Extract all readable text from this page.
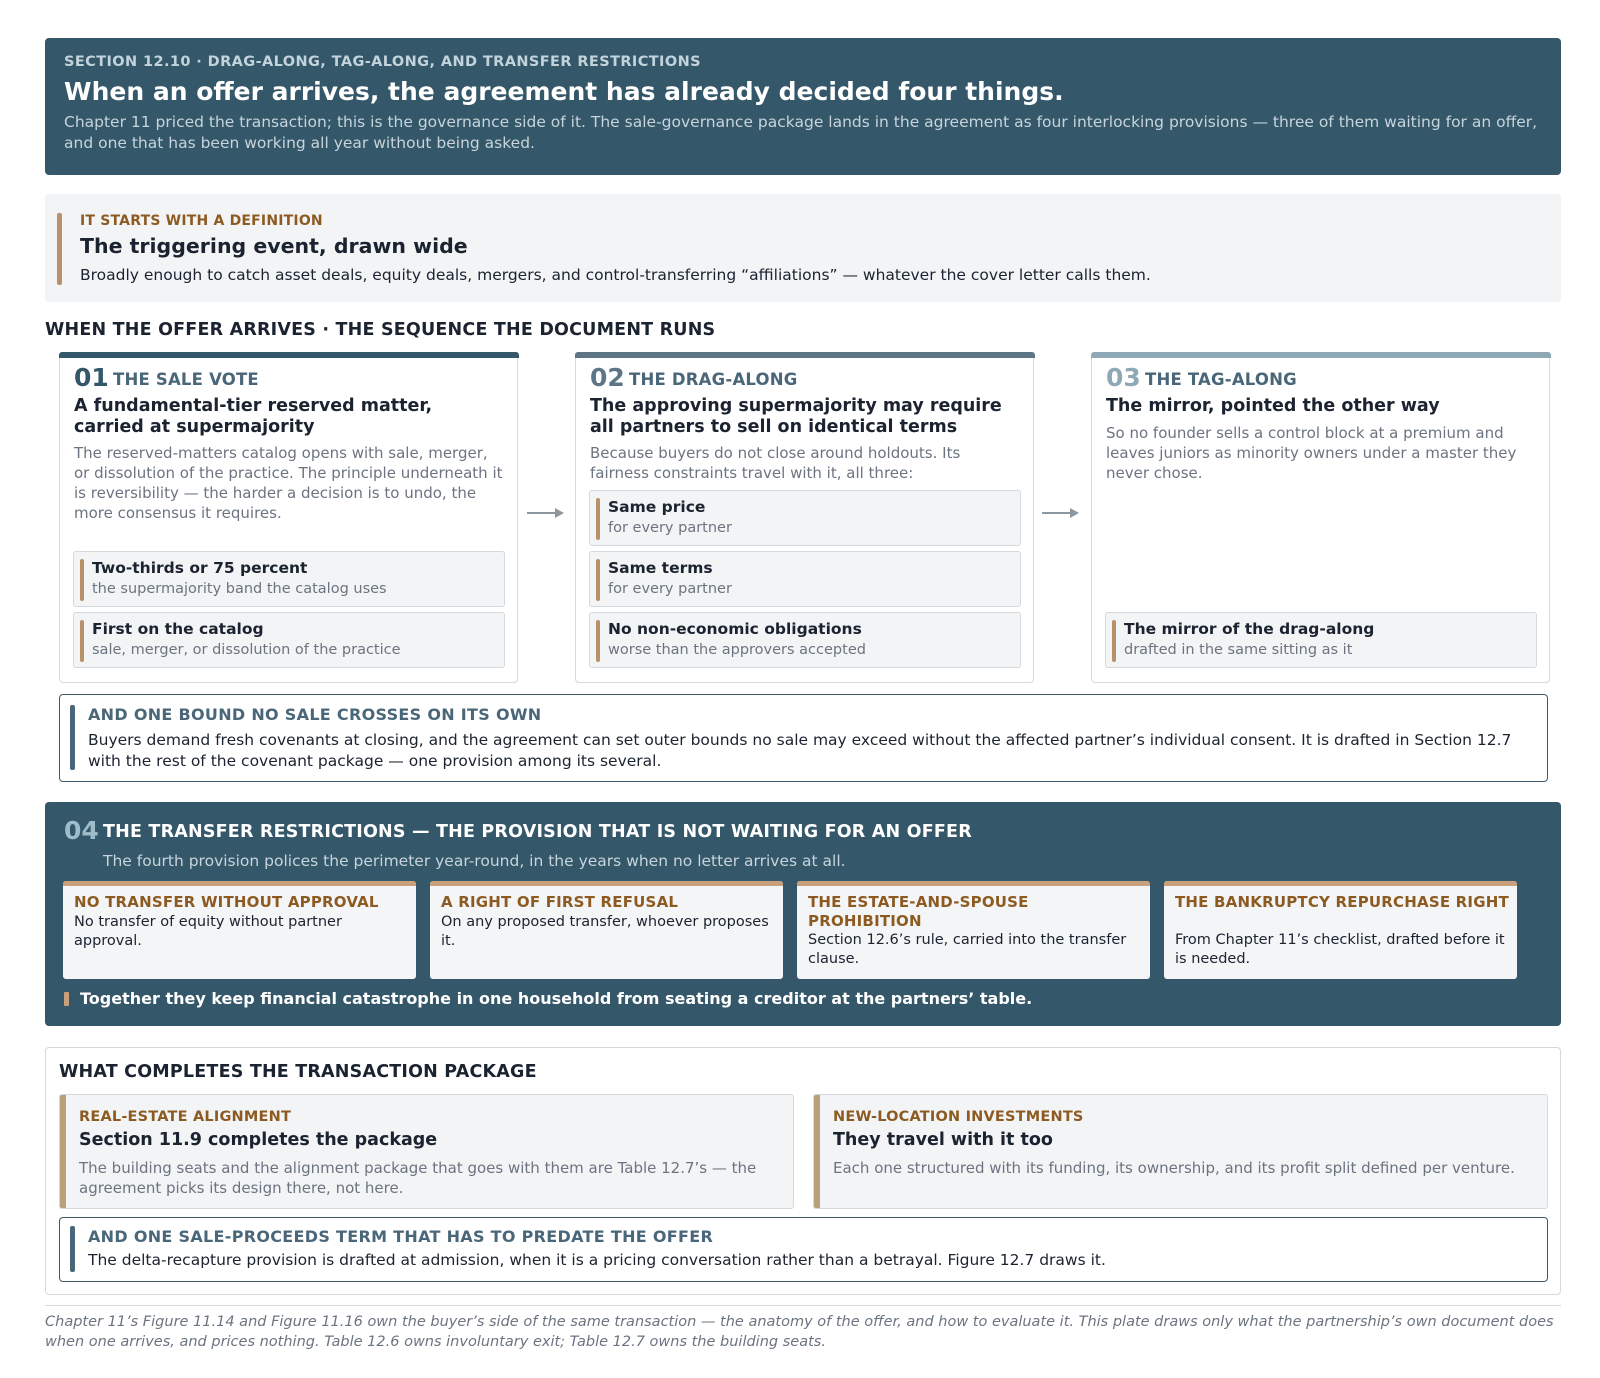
SECTION 12.10 · DRAG-ALONG, TAG-ALONG, AND TRANSFER RESTRICTIONS
When an offer arrives, the agreement has already decided four things.

Chapter 11 priced the transaction; this is the governance side of it. The sale-governance package lands in the agreement as four interlocking provisions — three of them waiting for an offer, and one that has been working all year without being asked.

IT STARTS WITH A DEFINITION
The triggering event, drawn wide

Broadly enough to catch asset deals, equity deals, mergers, and control-transferring “affiliations” — whatever the cover letter calls them.

WHEN THE OFFER ARRIVES · THE SEQUENCE THE DOCUMENT RUNS
01 THE SALE VOTE
A fundamental-tier reserved matter, carried at supermajority
The reserved-matters catalog opens with sale, merger, or dissolution of the practice. The principle underneath it is reversibility — the harder a decision is to undo, the more consensus it requires.
Two-thirds or 75 percent
the supermajority band the catalog uses
First on the catalog
sale, merger, or dissolution of the practice
02 THE DRAG-ALONG
The approving supermajority may require all partners to sell on identical terms
Because buyers do not close around holdouts. Its fairness constraints travel with it, all three:
Same price
for every partner
Same terms
for every partner
No non-economic obligations
worse than the approvers accepted
03 THE TAG-ALONG
The mirror, pointed the other way
So no founder sells a control block at a premium and leaves juniors as minority owners under a master they never chose.
The mirror of the drag-along
drafted in the same sitting as it
AND ONE BOUND NO SALE CROSSES ON ITS OWN

Buyers demand fresh covenants at closing, and the agreement can set outer bounds no sale may exceed without the affected partner’s individual consent. It is drafted in Section 12.7 with the rest of the covenant package — one provision among its several.

04 THE TRANSFER RESTRICTIONS — THE PROVISION THAT IS NOT WAITING FOR AN OFFER
The fourth provision polices the perimeter year-round, in the years when no letter arrives at all.
NO TRANSFER WITHOUT APPROVAL
No transfer of equity without partner approval.
A RIGHT OF FIRST REFUSAL
On any proposed transfer, whoever proposes it.
THE ESTATE-AND-SPOUSE PROHIBITION
Section 12.6’s rule, carried into the transfer clause.
THE BANKRUPTCY REPURCHASE RIGHT
From Chapter 11’s checklist, drafted before it is needed.
Together they keep financial catastrophe in one household from seating a creditor at the partners’ table.
WHAT COMPLETES THE TRANSACTION PACKAGE
REAL-ESTATE ALIGNMENT
Section 11.9 completes the package

The building seats and the alignment package that goes with them are Table 12.7’s — the agreement picks its design there, not here.

NEW-LOCATION INVESTMENTS
They travel with it too

Each one structured with its funding, its ownership, and its profit split defined per venture.

AND ONE SALE-PROCEEDS TERM THAT HAS TO PREDATE THE OFFER

The delta-recapture provision is drafted at admission, when it is a pricing conversation rather than a betrayal. Figure 12.7 draws it.

Chapter 11’s Figure 11.14 and Figure 11.16 own the buyer’s side of the same transaction — the anatomy of the offer, and how to evaluate it. This plate draws only what the partnership’s own document does when one arrives, and prices nothing. Table 12.6 owns involuntary exit; Table 12.7 owns the building seats.
